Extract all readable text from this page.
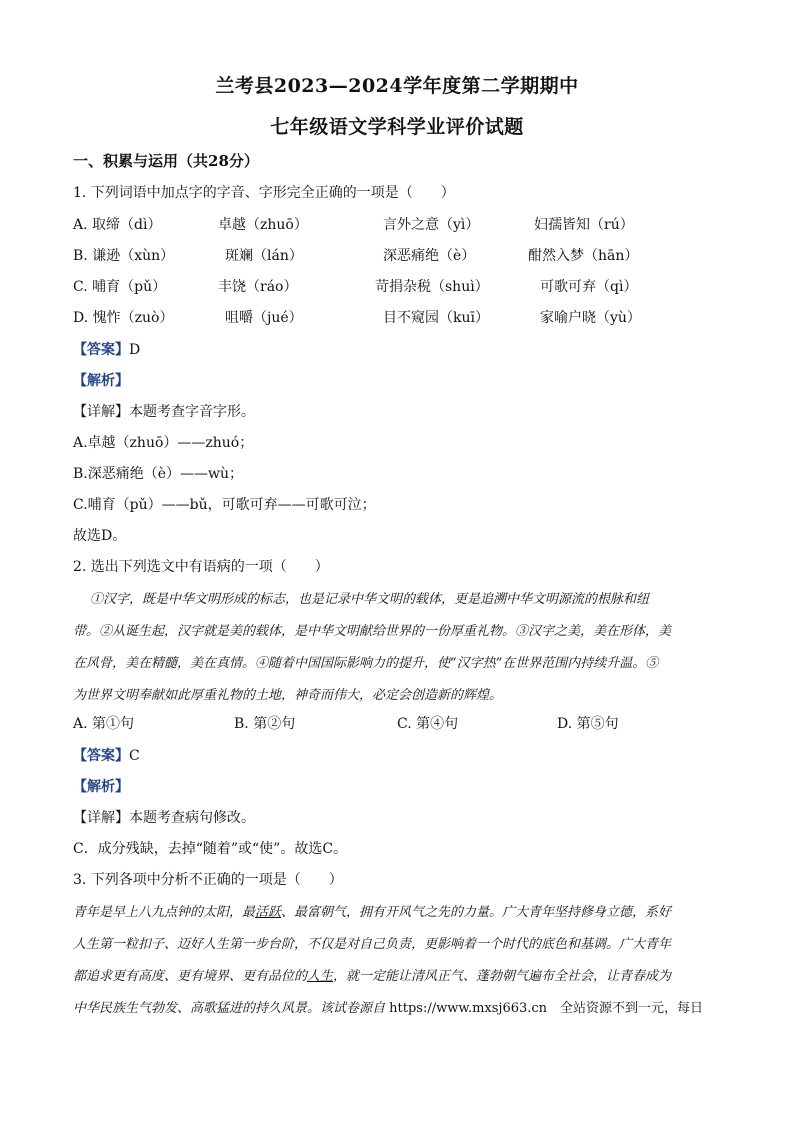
兰考县2023—2024学年度第二学期期中
七年级语文学科学业评价试题
一、积累与运用（共28分）
1. 下列词语中加点字的字音、字形完全正确的一项是（　　）
A. 取缔（dì）	卓越（zhuō）	言外之意（yì）	妇孺皆知（rú）
B. 谦逊（xùn）	斑斓（lán）	深恶痛绝（è）	酣然入梦（hān）
C. 哺育（pǔ）	丰饶（ráo）	苛捐杂税（shuì）	可歌可弃（qì）
D. 愧怍（zuò）	咀嚼（jué）	目不窥园（kuī）	家喻户晓（yù）
【答案】D
【解析】
【详解】本题考查字音字形。
A.卓越（zhuō）——zhuó；
B.深恶痛绝（è）——wù；
C.哺育（pǔ）——bǔ，可歌可弃——可歌可泣；
故选D。
2. 选出下列选文中有语病的一项（　　）
①汉字，既是中华文明形成的标志，也是记录中华文明的载体，更是追溯中华文明源流的根脉和纽
带。②从诞生起，汉字就是美的载体，是中华文明献给世界的一份厚重礼物。③汉字之美，美在形体，美
在风骨，美在精髓，美在真情。④随着中国国际影响力的提升，使“汉字热”在世界范围内持续升温。⑤
为世界文明奉献如此厚重礼物的土地，神奇而伟大，必定会创造新的辉煌。
A. 第①句	B. 第②句	C. 第④句	D. 第⑤句
【答案】C
【解析】
【详解】本题考查病句修改。
C．成分残缺，去掉“随着”或“使”。故选C。
3. 下列各项中分析不正确的一项是（　　）
青年是早上八九点钟的太阳，最活跃、最富朝气，拥有开风气之先的力量。广大青年坚持修身立德，系好
人生第一粒扣子、迈好人生第一步台阶，不仅是对自己负责，更影响着一个时代的底色和基调。广大青年
都追求更有高度、更有境界、更有品位的人生，就一定能让清风正气、蓬勃朝气遍布全社会，让青春成为
中华民族生气勃发、高歌猛进的持久风景。该试卷源自 https://www.mxsj663.cn　全站资源不到一元，每日
